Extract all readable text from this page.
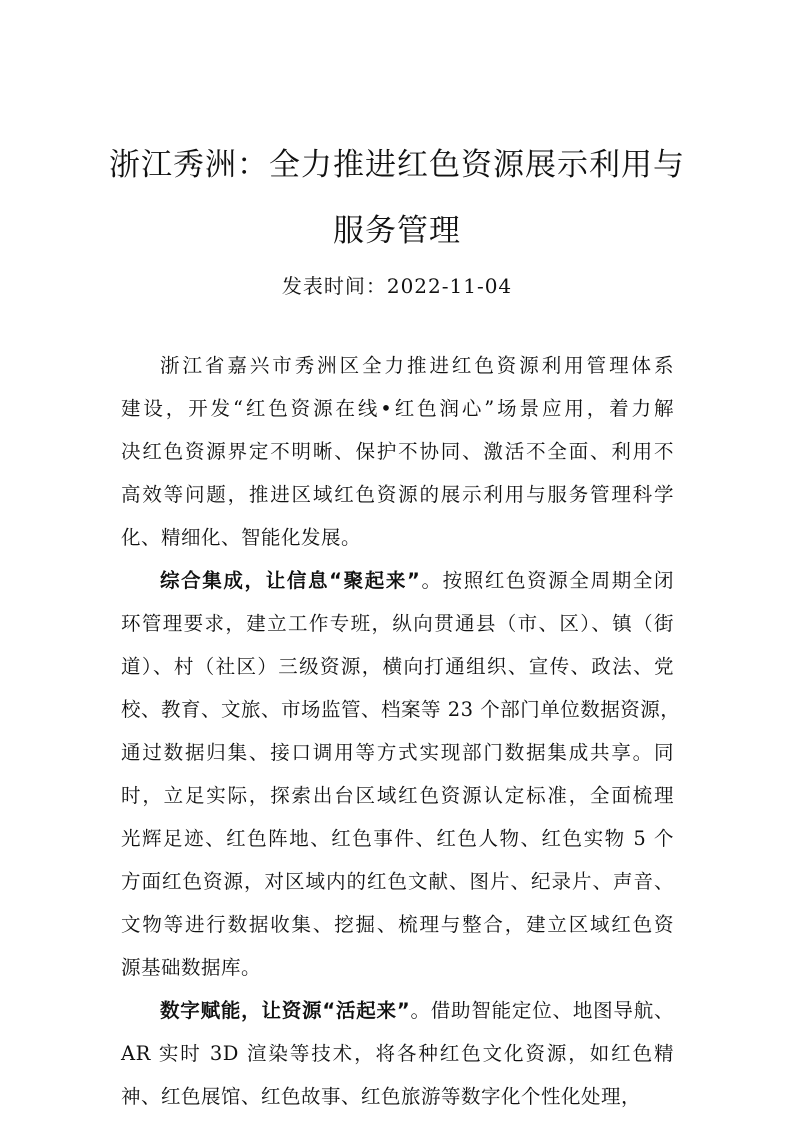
浙江秀洲：全力推进红色资源展示利用与
服务管理
发表时间：2022-11-04
浙江省嘉兴市秀洲区全力推进红色资源利用管理体系
建设，开发“红色资源在线•红色润心”场景应用，着力解
决红色资源界定不明晰、保护不协同、激活不全面、利用不
高效等问题，推进区域红色资源的展示利用与服务管理科学
化、精细化、智能化发展。
综合集成，让信息“聚起来”。按照红色资源全周期全闭
环管理要求，建立工作专班，纵向贯通县（市、区）、镇（街
道）、村（社区）三级资源，横向打通组织、宣传、政法、党
校、教育、文旅、市场监管、档案等 23 个部门单位数据资源，
通过数据归集、接口调用等方式实现部门数据集成共享。同
时，立足实际，探索出台区域红色资源认定标准，全面梳理
光辉足迹、红色阵地、红色事件、红色人物、红色实物 5 个
方面红色资源，对区域内的红色文献、图片、纪录片、声音、
文物等进行数据收集、挖掘、梳理与整合，建立区域红色资
源基础数据库。
数字赋能，让资源“活起来”。借助智能定位、地图导航、
AR 实时 3D 渲染等技术，将各种红色文化资源，如红色精
神、红色展馆、红色故事、红色旅游等数字化个性化处理，
